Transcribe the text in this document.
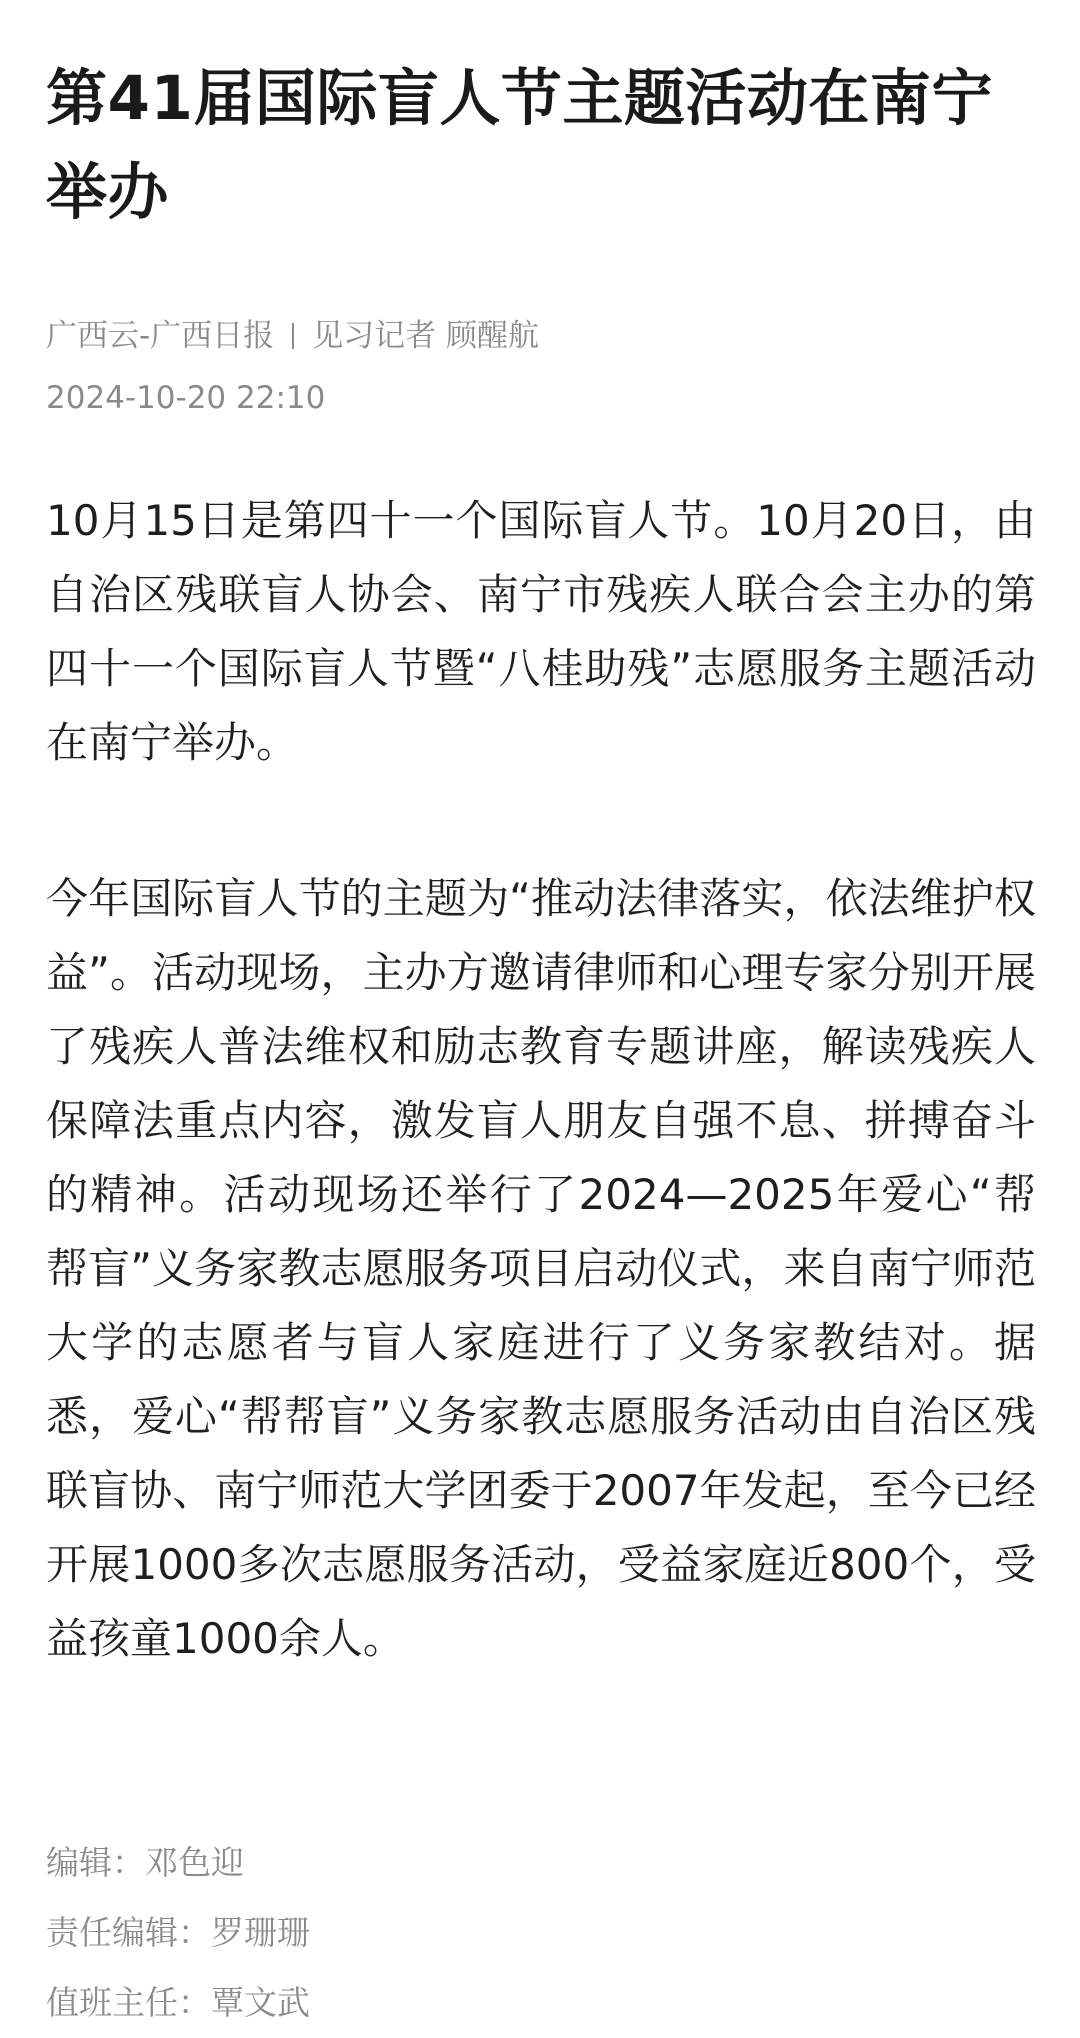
第41届国际盲人节主题活动在南宁举办
广西云-广西日报 见习记者 顾醒航
2024-10-20 22:10

10月15日是第四十一个国际盲人节。10月20日，由自治区残联盲人协会、南宁市残疾人联合会主办的第四十一个国际盲人节暨“八桂助残”志愿服务主题活动在南宁举办。

今年国际盲人节的主题为“推动法律落实，依法维护权益”。活动现场，主办方邀请律师和心理专家分别开展了残疾人普法维权和励志教育专题讲座，解读残疾人保障法重点内容，激发盲人朋友自强不息、拼搏奋斗的精神。活动现场还举行了2024—2025年爱心“帮帮盲”义务家教志愿服务项目启动仪式，来自南宁师范大学的志愿者与盲人家庭进行了义务家教结对。据悉，爱心“帮帮盲”义务家教志愿服务活动由自治区残联盲协、南宁师范大学团委于2007年发起，至今已经开展1000多次志愿服务活动，受益家庭近800个，受益孩童1000余人。

编辑：邓色迎
责任编辑：罗珊珊
值班主任：覃文武
